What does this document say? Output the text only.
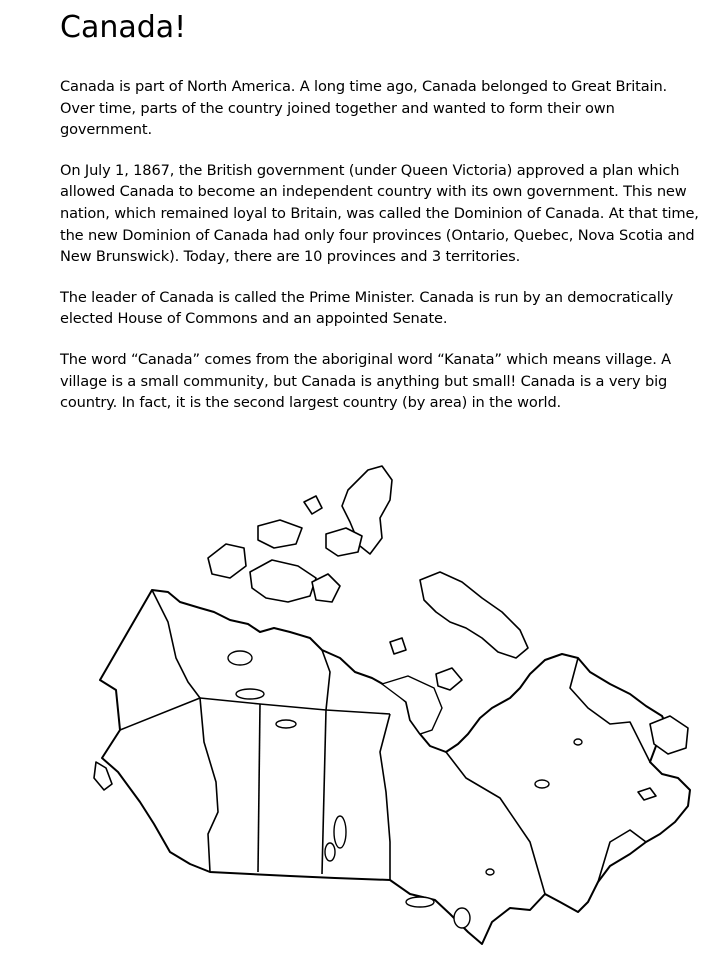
Canada!

Canada is part of North America. A long time ago, Canada belonged to Great Britain. Over time, parts of the country joined together and wanted to form their own government.

On July 1, 1867, the British government (under Queen Victoria) approved a plan which allowed Canada to become an independent country with its own government. This new nation, which remained loyal to Britain, was called the Dominion of Canada. At that time, the new Dominion of Canada had only four provinces (Ontario, Quebec, Nova Scotia and New Brunswick). Today, there are 10 provinces and 3 territories.

The leader of Canada is called the Prime Minister. Canada is run by an democratically elected House of Commons and an appointed Senate.

The word “Canada” comes from the aboriginal word “Kanata” which means village. A village is a small community, but Canada is anything but small! Canada is a very big country. In fact, it is the second largest country (by area) in the world.
